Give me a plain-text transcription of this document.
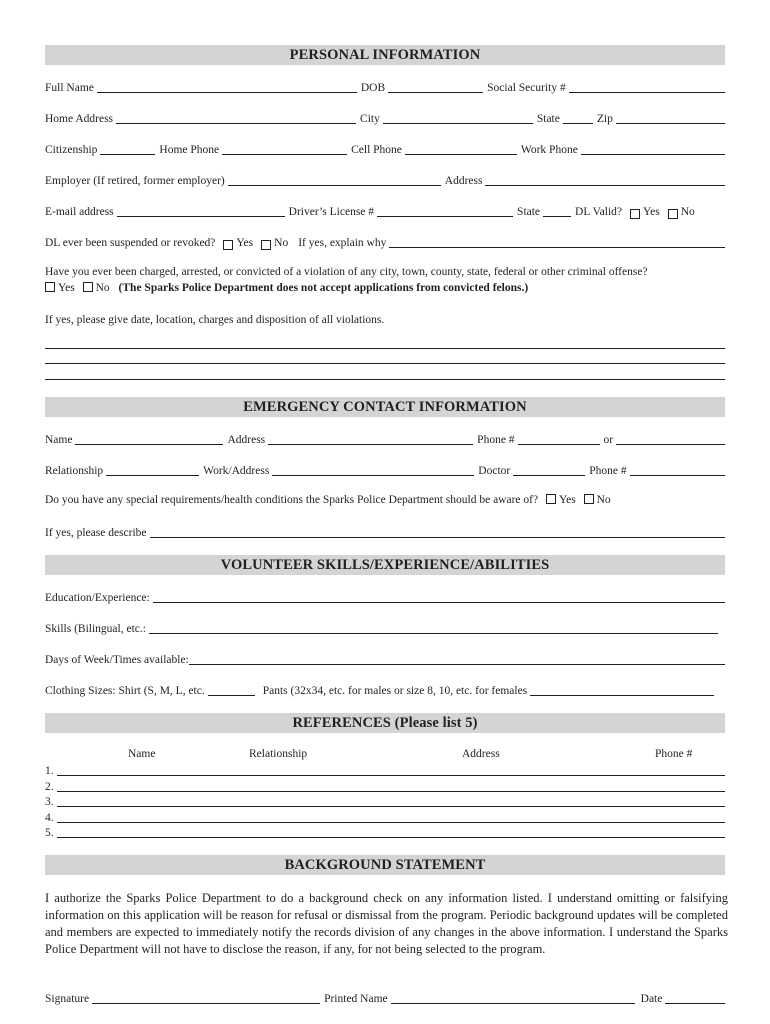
PERSONAL INFORMATION
Full Name	DOB	Social Security #
Home Address	City	State	Zip
Citizenship	Home Phone	Cell Phone	Work Phone
Employer (If retired, former employer)	Address
E-mail address	Driver’s License #	State	DL Valid? Yes No
DL ever been suspended or revoked? Yes No If yes, explain why
Have you ever been charged, arrested, or convicted of a violation of any city, town, county, state, federal or other criminal offense?
Yes No (The Sparks Police Department does not accept applications from convicted felons.)
If yes, please give date, location, charges and disposition of all violations.
EMERGENCY CONTACT INFORMATION
Name	Address	Phone #	or
Relationship	Work/Address	Doctor	Phone #
Do you have any special requirements/health conditions the Sparks Police Department should be aware of? Yes No
If yes, please describe
VOLUNTEER SKILLS/EXPERIENCE/ABILITIES
Education/Experience:
Skills (Bilingual, etc.:
Days of Week/Times available:
Clothing Sizes: Shirt (S, M, L, etc.	Pants (32x34, etc. for males or size 8, 10, etc. for females
REFERENCES (Please list 5)
Name	Relationship	Address	Phone #
1.
2.
3.
4.
5.
BACKGROUND STATEMENT
I authorize the Sparks Police Department to do a background check on any information listed. I understand omitting or falsifying information on this application will be reason for refusal or dismissal from the program. Periodic background updates will be completed and members are expected to immediately notify the records division of any changes in the above information. I understand the Sparks Police Department will not have to disclose the reason, if any, for not being selected to the program.
Signature	Printed Name	Date
